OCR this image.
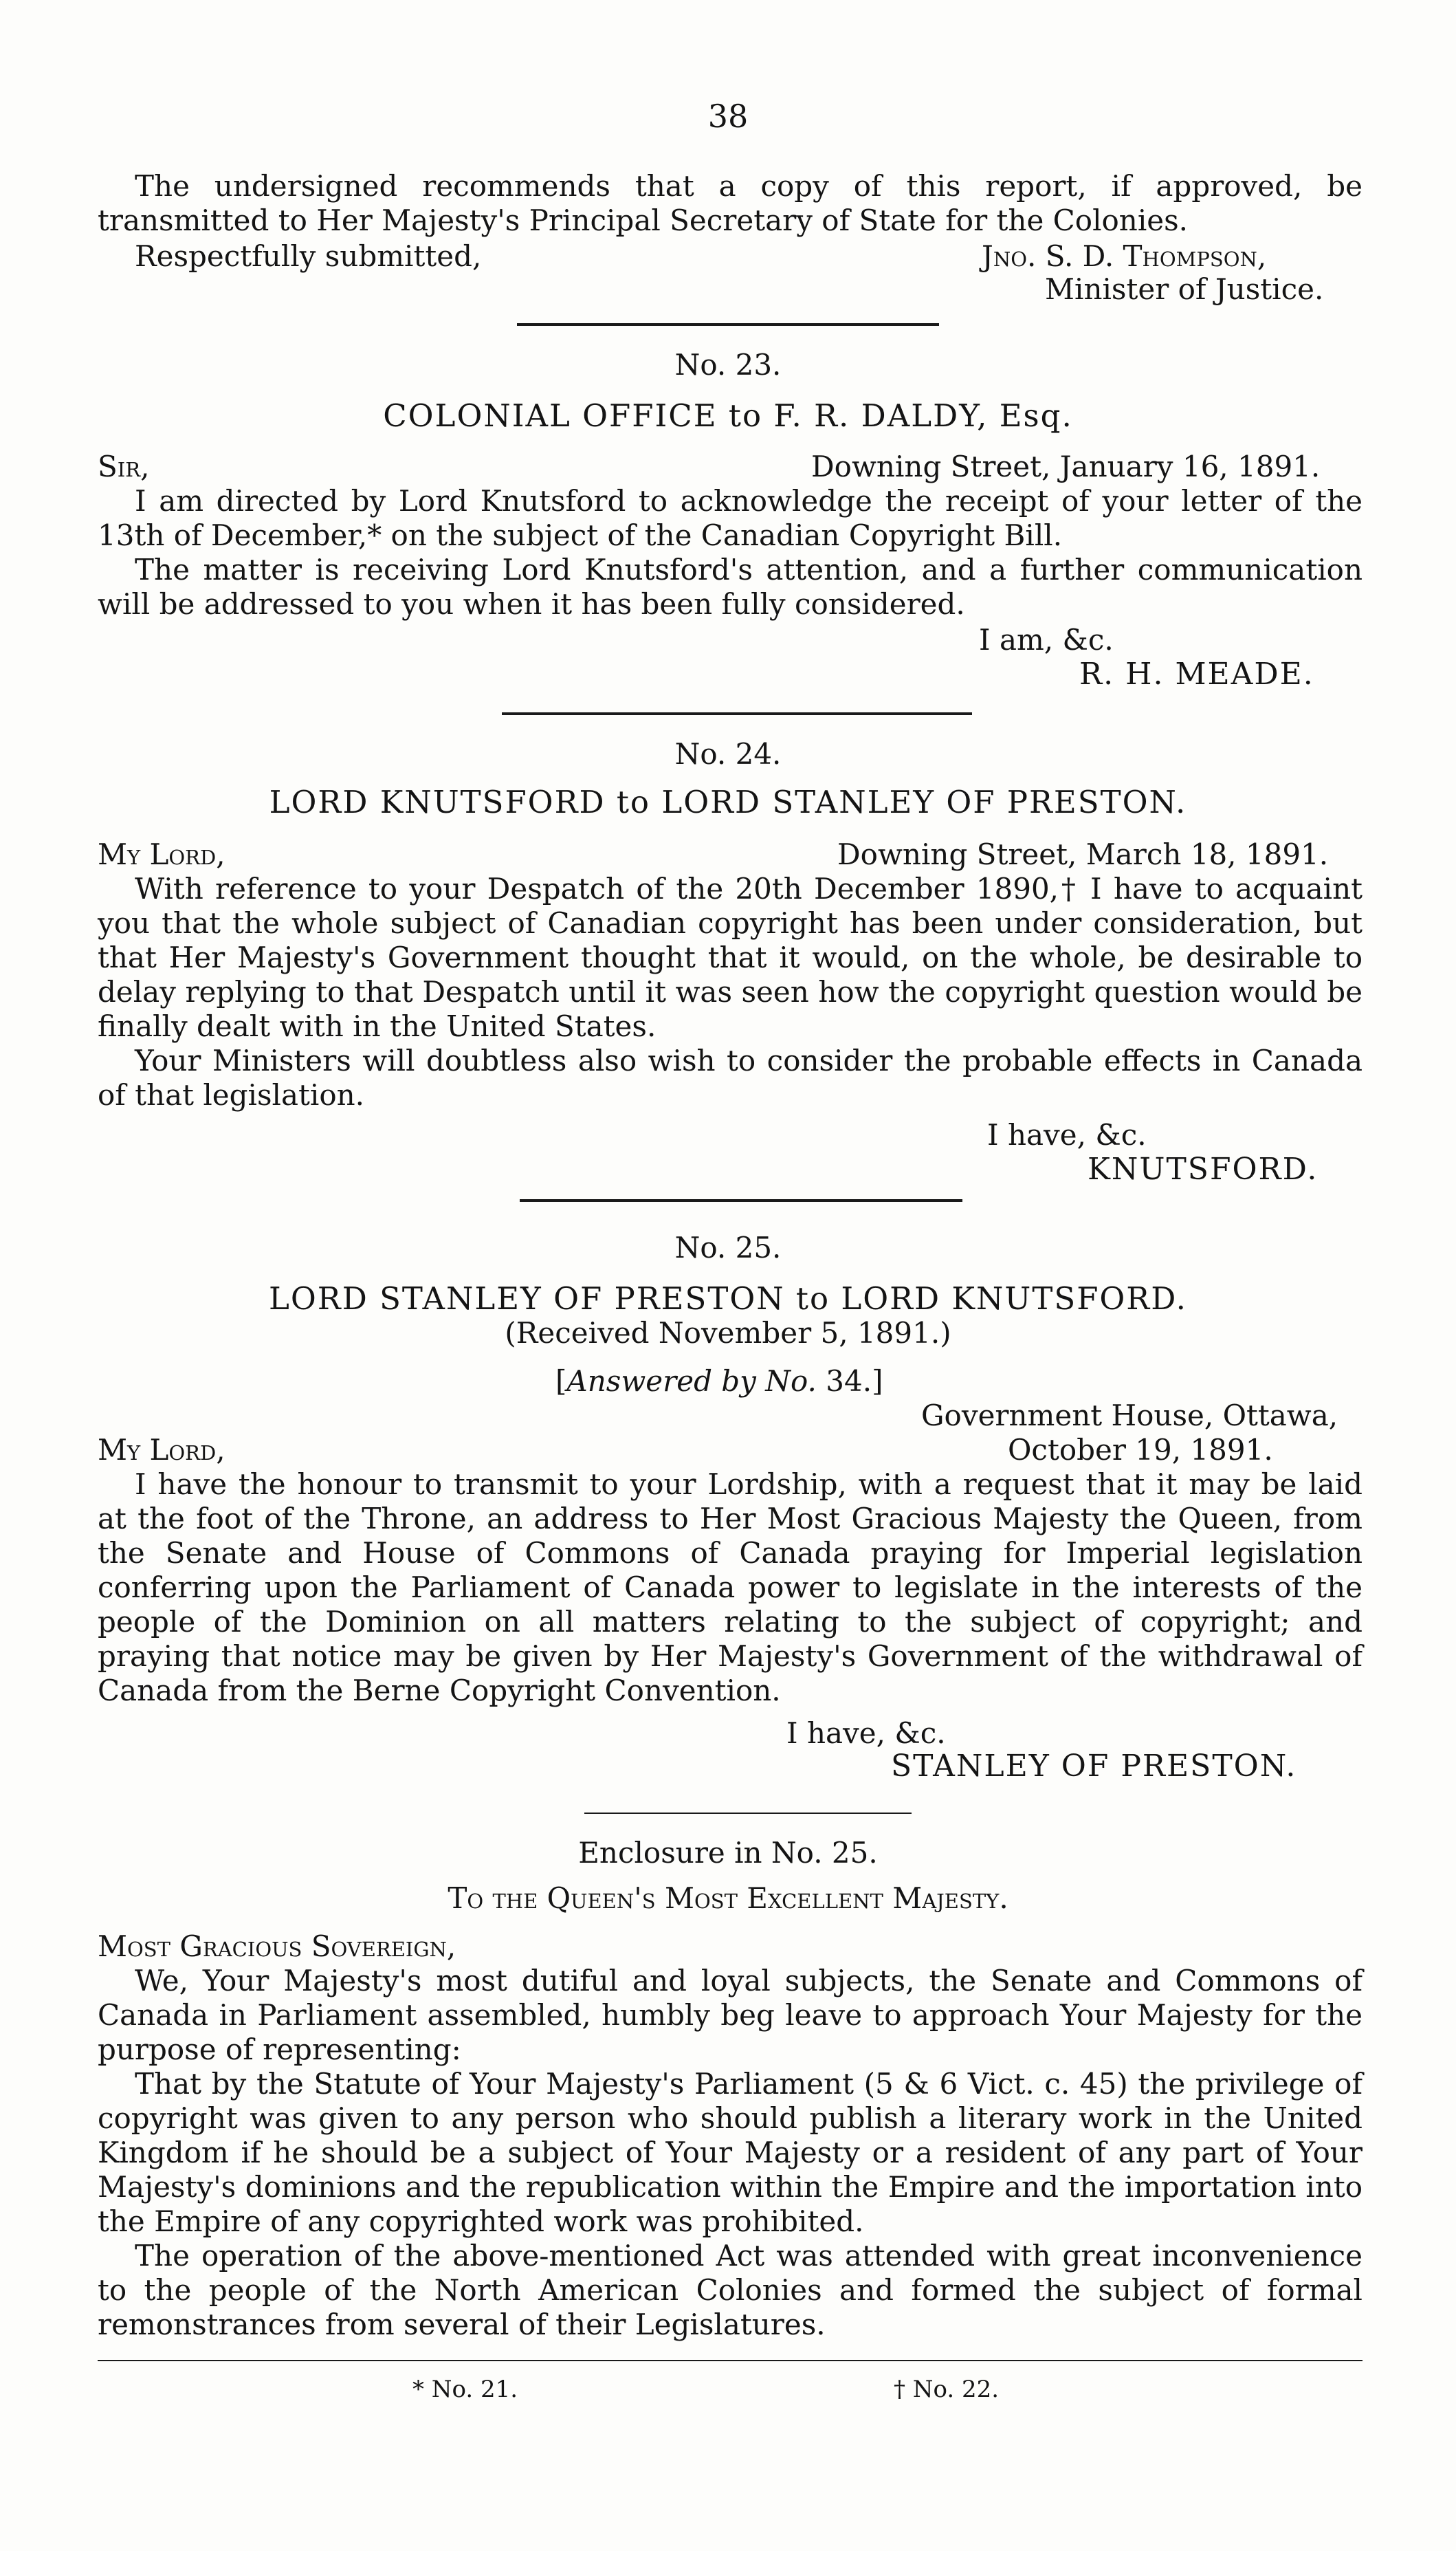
38
The undersigned recommends that a copy of this report, if approved, be transmitted to Her Majesty's Principal Secretary of State for the Colonies.
Respectfully submitted,	Jno. S. D. Thompson,
Minister of Justice.
No. 23.
COLONIAL OFFICE to F. R. DALDY, Esq.
Sir,	Downing Street, January 16, 1891.
I am directed by Lord Knutsford to acknowledge the receipt of your letter of the 13th of December,* on the subject of the Canadian Copyright Bill.
The matter is receiving Lord Knutsford's attention, and a further communication will be addressed to you when it has been fully considered.
I am, &c.
R. H. MEADE.
No. 24.
LORD KNUTSFORD to LORD STANLEY OF PRESTON.
My Lord,	Downing Street, March 18, 1891.
With reference to your Despatch of the 20th December 1890,† I have to acquaint you that the whole subject of Canadian copyright has been under consideration, but that Her Majesty's Government thought that it would, on the whole, be desirable to delay replying to that Despatch until it was seen how the copyright question would be finally dealt with in the United States.
Your Ministers will doubtless also wish to consider the probable effects in Canada of that legislation.
I have, &c.
KNUTSFORD.
No. 25.
LORD STANLEY OF PRESTON to LORD KNUTSFORD.
(Received November 5, 1891.)
[Answered by No. 34.]
Government House, Ottawa,
My Lord,	October 19, 1891.
I have the honour to transmit to your Lordship, with a request that it may be laid at the foot of the Throne, an address to Her Most Gracious Majesty the Queen, from the Senate and House of Commons of Canada praying for Imperial legislation conferring upon the Parliament of Canada power to legislate in the interests of the people of the Dominion on all matters relating to the subject of copyright; and praying that notice may be given by Her Majesty's Government of the withdrawal of Canada from the Berne Copyright Convention.
I have, &c.
STANLEY OF PRESTON.
Enclosure in No. 25.
To the Queen's Most Excellent Majesty.
Most Gracious Sovereign,
We, Your Majesty's most dutiful and loyal subjects, the Senate and Commons of Canada in Parliament assembled, humbly beg leave to approach Your Majesty for the purpose of representing:
That by the Statute of Your Majesty's Parliament (5 & 6 Vict. c. 45) the privilege of copyright was given to any person who should publish a literary work in the United Kingdom if he should be a subject of Your Majesty or a resident of any part of Your Majesty's dominions and the republication within the Empire and the importation into the Empire of any copyrighted work was prohibited.
The operation of the above-mentioned Act was attended with great inconvenience to the people of the North American Colonies and formed the subject of formal remonstrances from several of their Legislatures.
* No. 21.	† No. 22.
